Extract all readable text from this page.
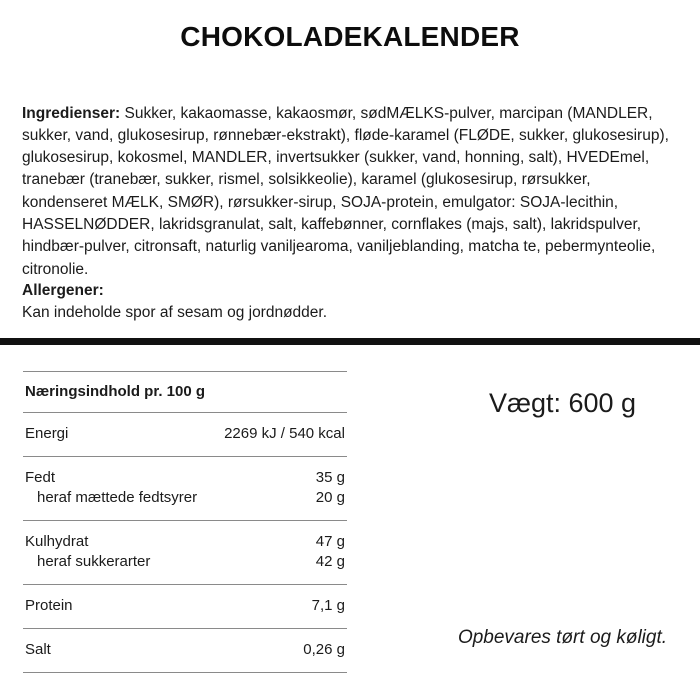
CHOKOLADEKALENDER

Ingredienser: Sukker, kakaomasse, kakaosmør, sødMÆLKS-pulver, marcipan (MANDLER, sukker, vand, glukosesirup, rønnebær-ekstrakt), fløde-karamel (FLØDE, sukker, glukosesirup), glukosesirup, kokosmel, MANDLER, invertsukker (sukker, vand, honning, salt), HVEDEmel, tranebær (tranebær, sukker, rismel, solsikkeolie), karamel (glukosesirup, rørsukker, kondenseret MÆLK, SMØR), rørsukker-sirup, SOJA-protein, emulgator: SOJA-lecithin, HASSELNØDDER, lakridsgranulat, salt, kaffebønner, cornflakes (majs, salt), lakridspulver, hindbær-pulver, citronsaft, naturlig vaniljearoma, vaniljeblanding, matcha te, pebermynteolie, citronolie.

Allergener:
Kan indeholde spor af sesam og jordnødder.
Næringsindhold pr. 100 g
Energi	2269 kJ / 540 kcal
Fedt	35 g
heraf mættede fedtsyrer	20 g
Kulhydrat	47 g
heraf sukkerarter	42 g
Protein	7,1 g
Salt	0,26 g
Vægt: 600 g
Opbevares tørt og køligt.
